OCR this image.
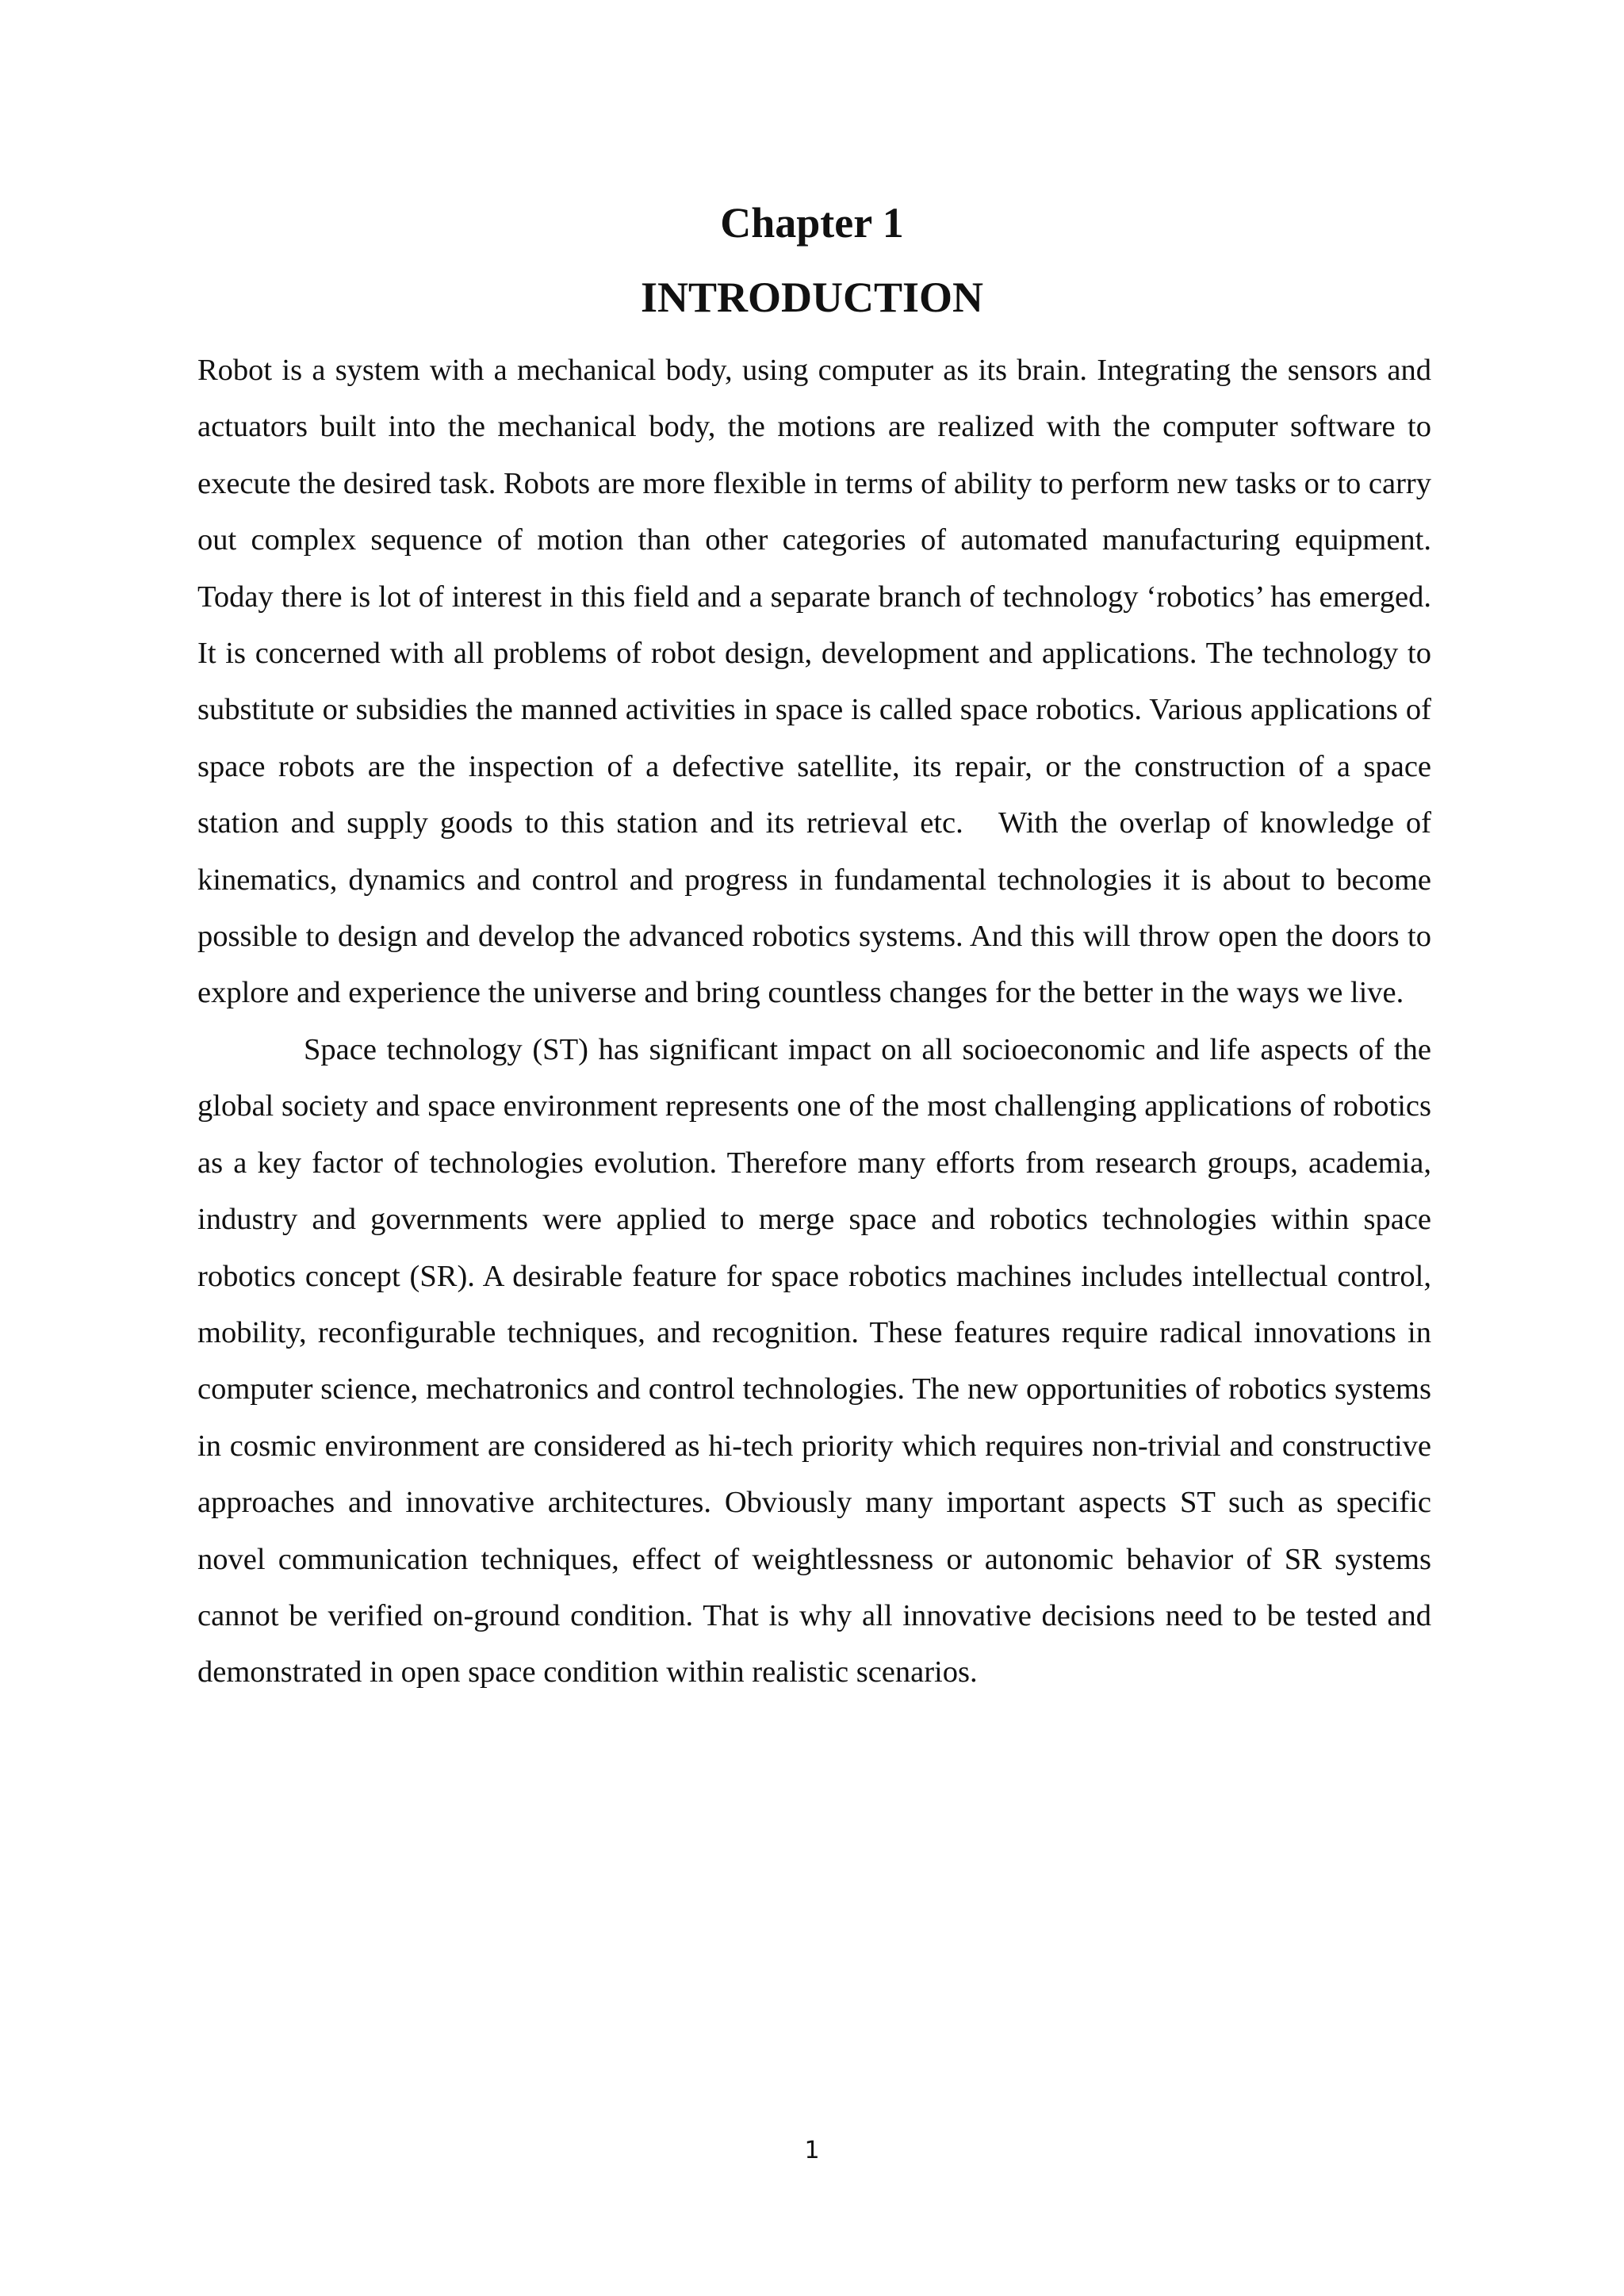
Chapter 1
INTRODUCTION

Robot is a system with a mechanical body, using computer as its brain. Integrating the sensors and actuators built into the mechanical body, the motions are realized with the computer software to execute the desired task. Robots are more flexible in terms of ability to perform new tasks or to carry out complex sequence of motion than other categories of automated manufacturing equipment. Today there is lot of interest in this field and a separate branch of technology ‘robotics’ has emerged. It is concerned with all problems of robot design, development and applications. The technology to substitute or subsidies the manned activities in space is called space robotics. Various applications of space robots are the inspection of a defective satellite, its repair, or the construction of a space station and supply goods to this station and its retrieval etc.   With the overlap of knowledge of kinematics, dynamics and control and progress in fundamental technologies it is about to become possible to design and develop the advanced robotics systems. And this will throw open the doors to explore and experience the universe and bring countless changes for the better in the ways we live.

Space technology (ST) has significant impact on all socioeconomic and life aspects of the global society and space environment represents one of the most challenging applications of robotics as a key factor of technologies evolution. Therefore many efforts from research groups, academia, industry and governments were applied to merge space and robotics technologies within space robotics concept (SR). A desirable feature for space robotics machines includes intellectual control, mobility, reconfigurable techniques, and recognition. These features require radical innovations in computer science, mechatronics and control technologies. The new opportunities of robotics systems in cosmic environment are considered as hi-tech priority which requires non-trivial and constructive approaches and innovative architectures. Obviously many important aspects ST such as specific novel communication techniques, effect of weightlessness or autonomic behavior of SR systems cannot be verified on-ground condition. That is why all innovative decisions need to be tested and demonstrated in open space condition within realistic scenarios.

1
